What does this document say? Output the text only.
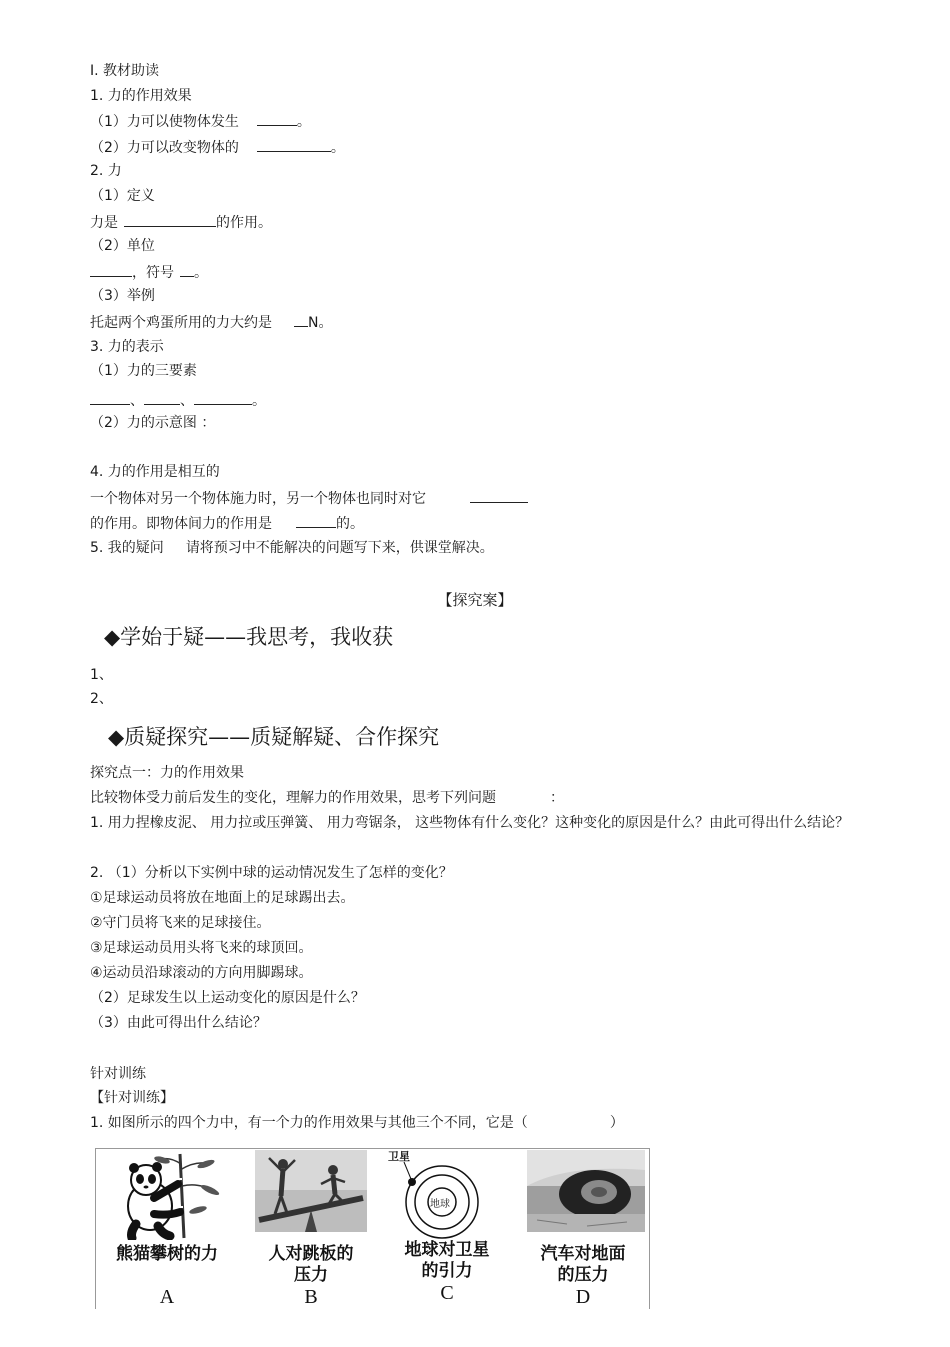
I. 教材助读
1. 力的作用效果
（1）力可以使物体发生	。
（2）力可以改变物体的	。
2. 力
（1）定义
力是	的作用。
（2）单位
，符号 。
（3）举例
托起两个鸡蛋所用的力大约是	N。
3. 力的表示
（1）力的三要素
、	、	。
（2）力的示意图 ：
4. 力的作用是相互的
一个物体对另一个物体施力时，另一个物体也同时对它
的作用。即物体间力的作用是	的。
5. 我的疑问 请将预习中不能解决的问题写下来，供课堂解决。
【探究案】
◆学始于疑——我思考，我收获
1、
2、
◆质疑探究——质疑解疑、合作探究
探究点一：力的作用效果
比较物体受力前后发生的变化，理解力的作用效果，思考下列问题	：
1. 用力捏橡皮泥、 用力拉或压弹簧、 用力弯锯条， 这些物体有什么变化？这种变化的原因是什么？由此可得出什么结论？
2. （1）分析以下实例中球的运动情况发生了怎样的变化？
①足球运动员将放在地面上的足球踢出去。
②守门员将飞来的足球接住。
③足球运动员用头将飞来的球顶回。
④运动员沿球滚动的方向用脚踢球。
（2）足球发生以上运动变化的原因是什么？
（3）由此可得出什么结论？
针对训练
【针对训练】
1. 如图所示的四个力中，有一个力的作用效果与其他三个不同，它是（	）
熊猫攀树的力

A
人对跳板的
压力
B
卫星
地球
地球对卫星
的引力
C
汽车对地面
的压力
D
